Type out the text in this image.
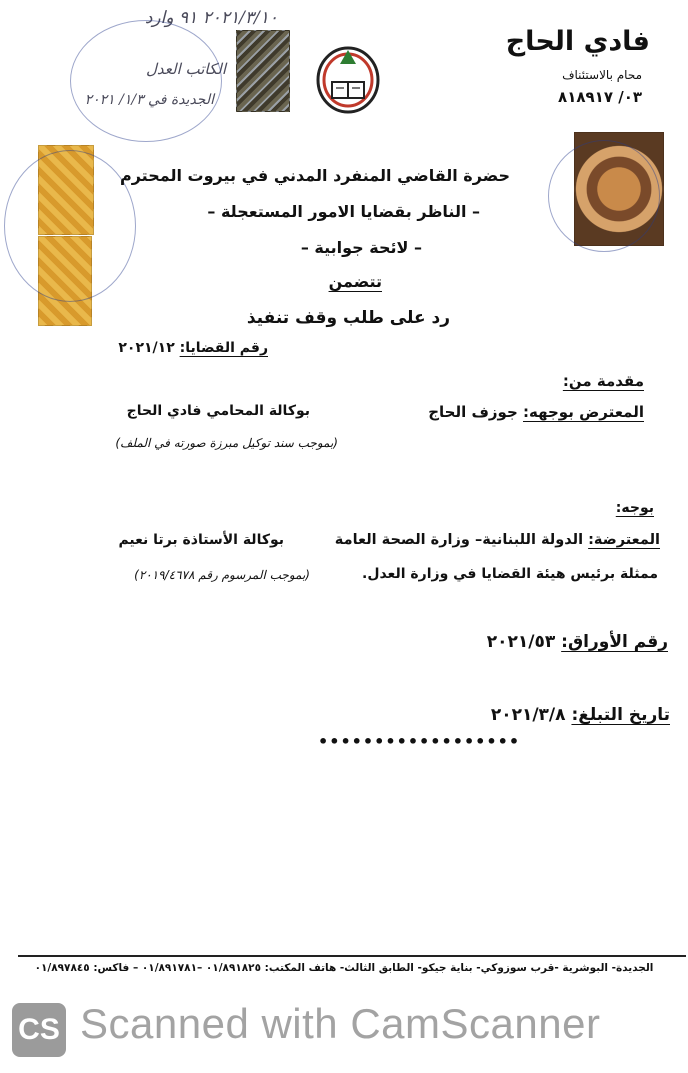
٢٠٢١/٣/١٠ ٩١ وارد
الكاتب العدل
الجديدة في ١/٣/ ٢٠٢١
فادي الحاج
محام بالاستئناف
٠٣/ ٨١٨٩١٧
حضرة القاضي المنفرد المدني في بيروت المحترم
– الناظر بقضايا الامور المستعجلة –
– لائحة جوابية –
تتضمن
رد على طلب وقف تنفيذ
رقم القضايا: ٢٠٢١/١٢
مقدمة من:
المعترض بوجهه: جوزف الحاج
بوكالة المحامي فادي الحاج
(بموجب سند توكيل مبرزة صورته في الملف)
بوجه:
المعترضة: الدولة اللبنانية– وزارة الصحة العامة
بوكالة الأستاذة برتا نعيم
ممثلة برئيس هيئة القضايا في وزارة العدل.
(بموجب المرسوم رقم ٢٠١٩/٤٦٧٨)
رقم الأوراق: ٢٠٢١/٥٣
تاريخ التبلغ: ٢٠٢١/٣/٨
••••••••••••••••••
الجديدة- البوشرية -قرب سوزوكي- بناية جيكو- الطابق الثالث- هاتف المكتب: ٠١/٨٩١٨٢٥ –٠١/٨٩١٧٨١ – فاكس: ٠١/٨٩٧٨٤٥
CS Scanned with CamScanner
